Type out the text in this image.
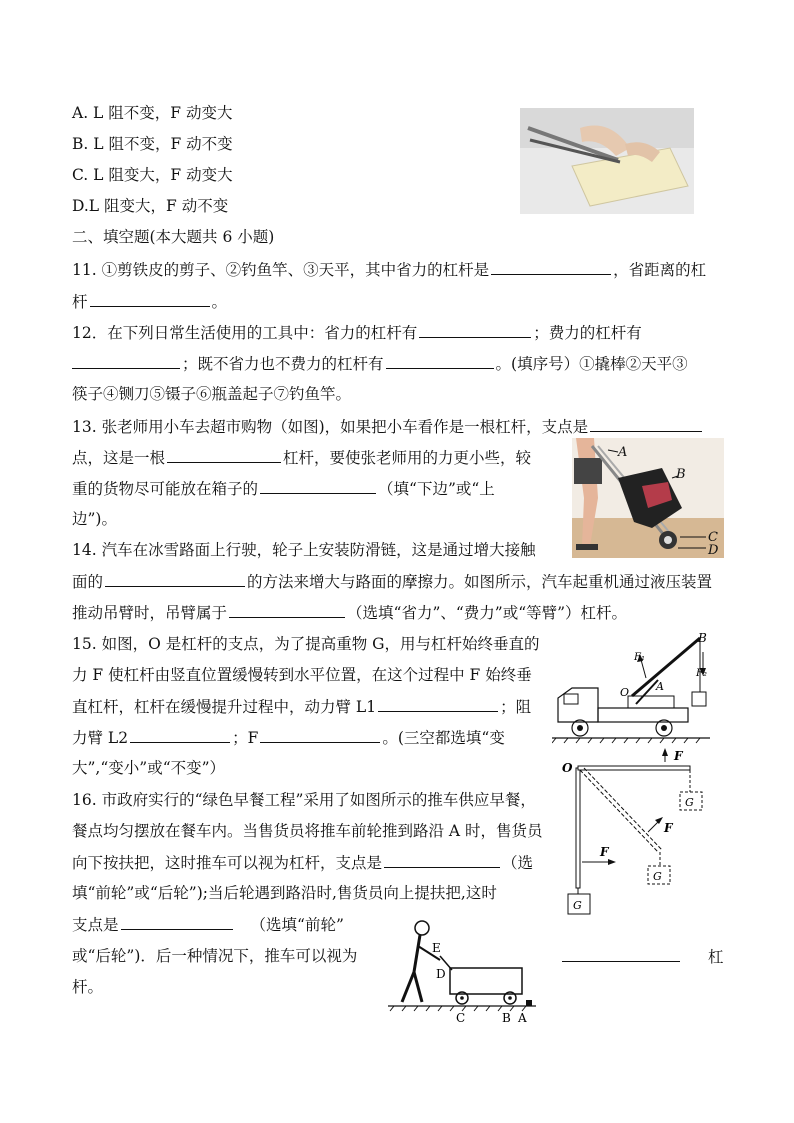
A. L 阻不变，F 动变大
B. L 阻不变，F 动不变
C. L 阻变大，F 动变大
D.L 阻变大，F 动不变
二、填空题(本大题共 6 小题)
11. ①剪铁皮的剪子、②钓鱼竿、③天平，其中省力的杠杆是	，省距离的杠
杆	。
12．在下列日常生活使用的工具中：省力的杠杆有	；费力的杠杆有
；既不省力也不费力的杠杆有	。(填序号）①撬棒②天平③
筷子④铡刀⑤镊子⑥瓶盖起子⑦钓鱼竿。
13. 张老师用小车去超市购物（如图)，如果把小车看作是一根杠杆，支点是
点，这是一根	杠杆，要使张老师用的力更小些，较
重的货物尽可能放在箱子的	（填“下边”或“上
边”)。
A
B
C
D
14. 汽车在冰雪路面上行驶，轮子上安装防滑链，这是通过增大接触
面的	的方法来增大与路面的摩擦力。如图所示，汽车起重机通过液压装置
推动吊臂时，吊臂属于	（选填“省力”、“费力”或“等臂”）杠杆。
15. 如图，O 是杠杆的支点，为了提高重物 G，用与杠杆始终垂直的
力 F 使杠杆由竖直位置缓慢转到水平位置，在这个过程中 F 始终垂
直杠杆，杠杆在缓慢提升过程中，动力臂 L1	；阻
力臂 L2	；F	。(三空都选填“变
大”,“变小”或“不变”）
B
F₁
F₂
O A
O
F
F
F
G
G
G
16. 市政府实行的“绿色早餐工程”采用了如图所示的推车供应早餐，
餐点均匀摆放在餐车内。当售货员将推车前轮推到路沿 A 时，售货员
向下按扶把，这时推车可以视为杠杆，支点是	（选
填“前轮”或“后轮”);当后轮遇到路沿时,售货员向上提扶把,这时
支点是	（选填“前轮”
或“后轮”)．后一种情况下，推车可以视为	杠
杆。
E
D
C	B A
